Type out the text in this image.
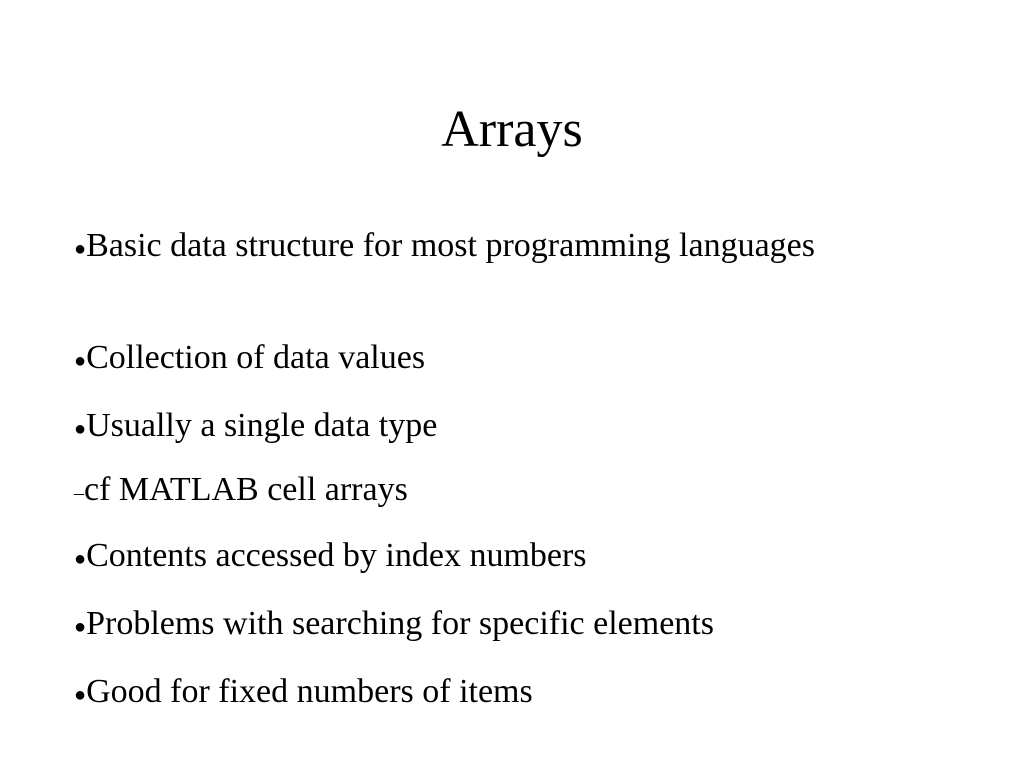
Arrays

●Basic data structure for most programming languages

●Collection of data values

●Usually a single data type

–cf MATLAB cell arrays

●Contents accessed by index numbers

●Problems with searching for specific elements

●Good for fixed numbers of items
